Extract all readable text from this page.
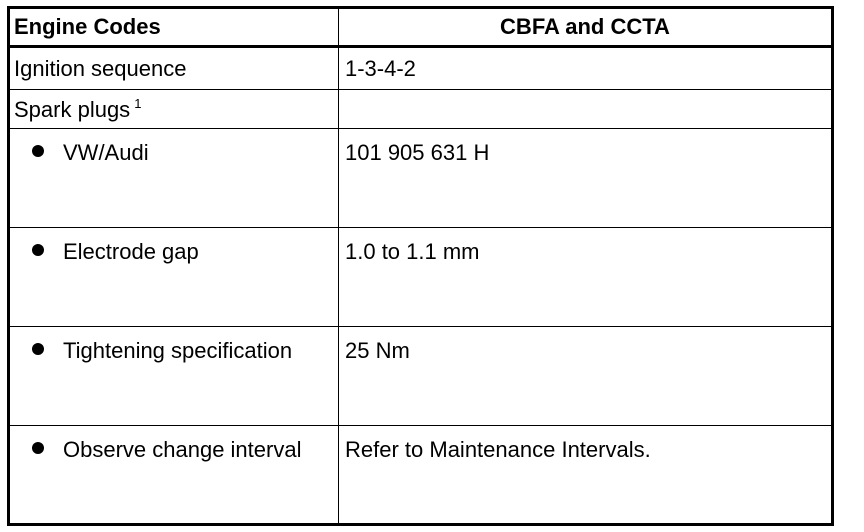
Engine Codes	CBFA and CCTA
Ignition sequence	1-3-4-2
Spark plugs $^1$	
VW/Audi	101 905 631 H
Electrode gap	1.0 to 1.1 mm
Tightening specification	25 Nm
Observe change interval	Refer to Maintenance Intervals.
